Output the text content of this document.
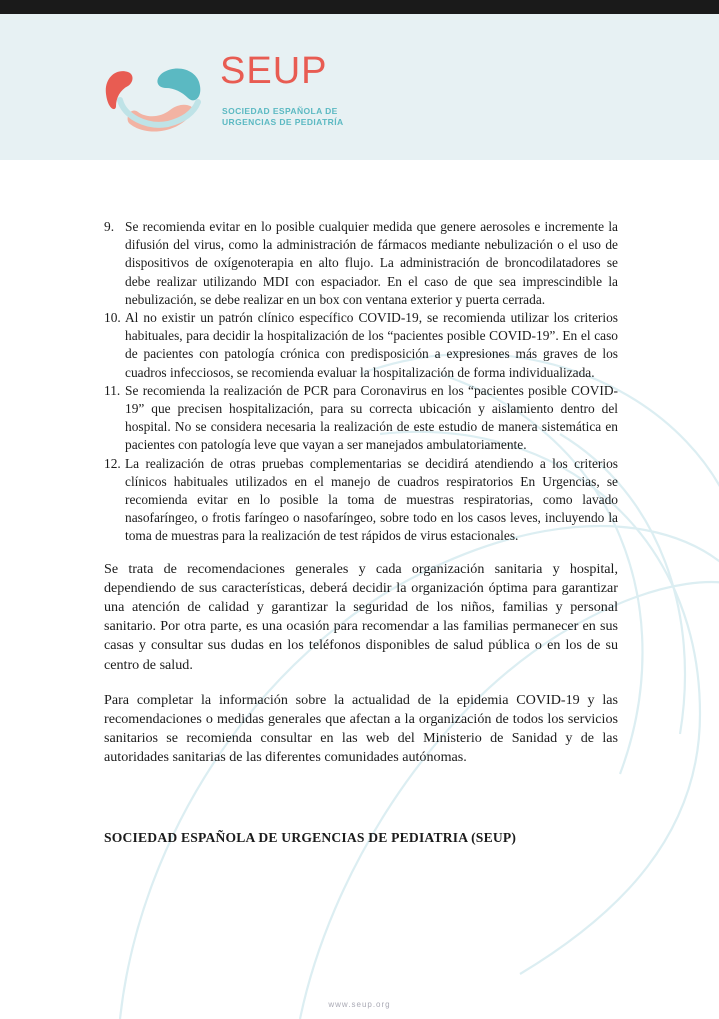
SEUP
SOCIEDAD ESPAÑOLA DE
URGENCIAS DE PEDIATRÍA
9. Se recomienda evitar en lo posible cualquier medida que genere aerosoles e incremente la difusión del virus, como la administración de fármacos mediante nebulización o el uso de dispositivos de oxígenoterapia en alto flujo. La administración de broncodilatadores se debe realizar utilizando MDI con espaciador. En el caso de que sea imprescindible la nebulización, se debe realizar en un box con ventana exterior y puerta cerrada.
10. Al no existir un patrón clínico específico COVID-19, se recomienda utilizar los criterios habituales, para decidir la hospitalización de los “pacientes posible COVID-19”. En el caso de pacientes con patología crónica con predisposición a expresiones más graves de los cuadros infecciosos, se recomienda evaluar la hospitalización de forma individualizada.
11. Se recomienda la realización de PCR para Coronavirus en los “pacientes posible COVID-19” que precisen hospitalización, para su correcta ubicación y aislamiento dentro del hospital. No se considera necesaria la realización de este estudio de manera sistemática en pacientes con patología leve que vayan a ser manejados ambulatoriamente.
12. La realización de otras pruebas complementarias se decidirá atendiendo a los criterios clínicos habituales utilizados en el manejo de cuadros respiratorios En Urgencias, se recomienda evitar en lo posible la toma de muestras respiratorias, como lavado nasofaríngeo, o frotis faríngeo o nasofaríngeo, sobre todo en los casos leves, incluyendo la toma de muestras para la realización de test rápidos de virus estacionales.

Se trata de recomendaciones generales y cada organización sanitaria y hospital, dependiendo de sus características, deberá decidir la organización óptima para garantizar una atención de calidad y garantizar la seguridad de los niños, familias y personal sanitario. Por otra parte, es una ocasión para recomendar a las familias permanecer en sus casas y consultar sus dudas en los teléfonos disponibles de salud pública o en los de su centro de salud.

Para completar la información sobre la actualidad de la epidemia COVID-19 y las recomendaciones o medidas generales que afectan a la organización de todos los servicios sanitarios se recomienda consultar en las web del Ministerio de Sanidad y de las autoridades sanitarias de las diferentes comunidades autónomas.

SOCIEDAD ESPAÑOLA DE URGENCIAS DE PEDIATRIA (SEUP)
www.seup.org
